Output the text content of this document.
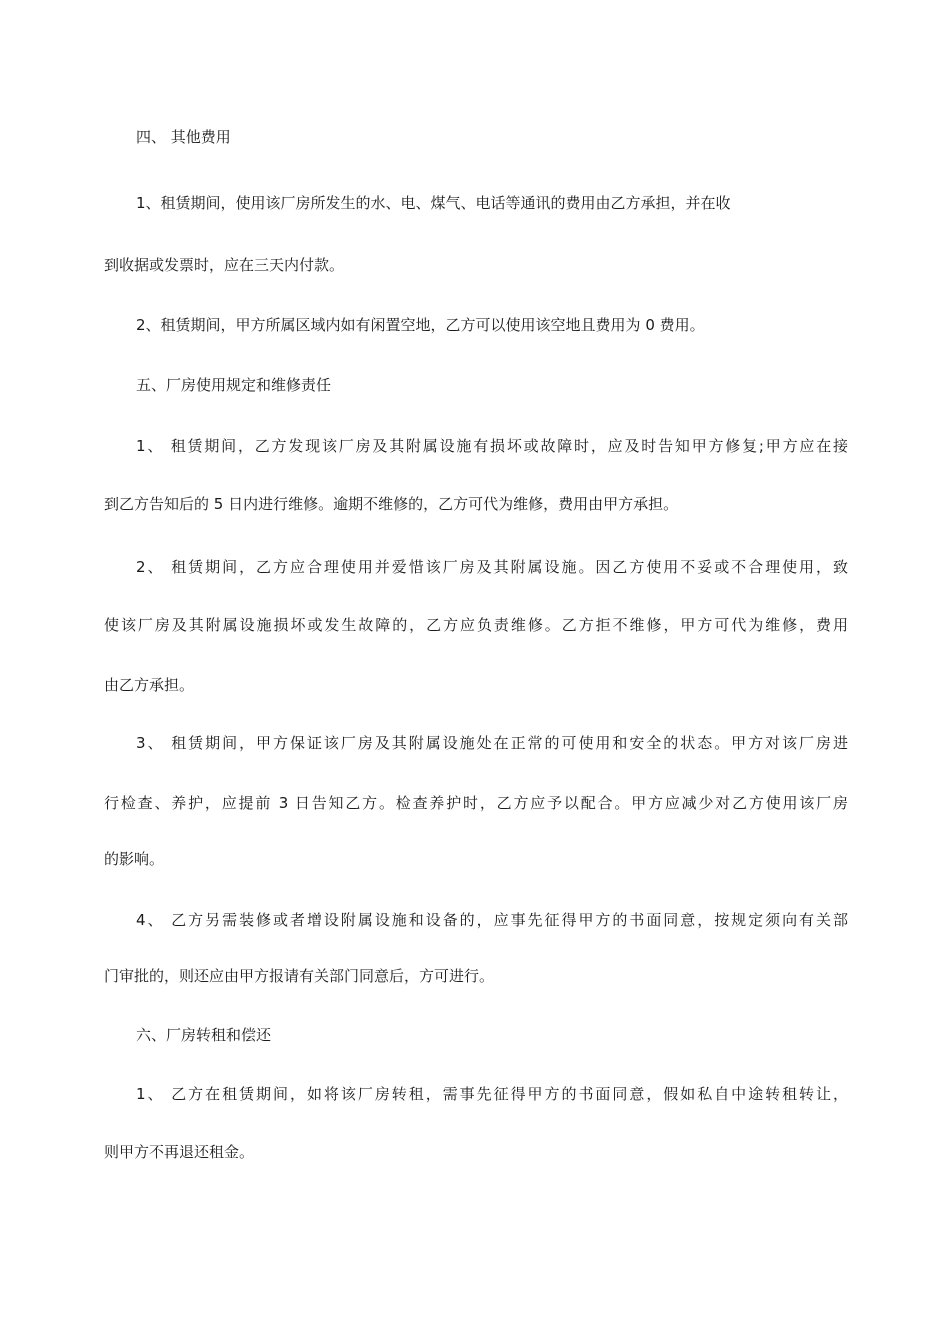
四、 其他费用
1、租赁期间，使用该厂房所发生的水、电、煤气、电话等通讯的费用由乙方承担，并在收
到收据或发票时，应在三天内付款。
2、租赁期间，甲方所属区域内如有闲置空地，乙方可以使用该空地且费用为 0 费用。
五、厂房使用规定和维修责任
1、 租赁期间，乙方发现该厂房及其附属设施有损坏或故障时，应及时告知甲方修复;甲方应在接
到乙方告知后的 5 日内进行维修。逾期不维修的，乙方可代为维修，费用由甲方承担。
2、 租赁期间，乙方应合理使用并爱惜该厂房及其附属设施。因乙方使用不妥或不合理使用，致
使该厂房及其附属设施损坏或发生故障的，乙方应负责维修。乙方拒不维修，甲方可代为维修，费用
由乙方承担。
3、 租赁期间，甲方保证该厂房及其附属设施处在正常的可使用和安全的状态。甲方对该厂房进
行检查、养护，应提前 3 日告知乙方。检查养护时，乙方应予以配合。甲方应减少对乙方使用该厂房
的影响。
4、 乙方另需装修或者增设附属设施和设备的，应事先征得甲方的书面同意，按规定须向有关部
门审批的，则还应由甲方报请有关部门同意后，方可进行。
六、厂房转租和偿还
1、 乙方在租赁期间，如将该厂房转租，需事先征得甲方的书面同意，假如私自中途转租转让，
则甲方不再退还租金。
